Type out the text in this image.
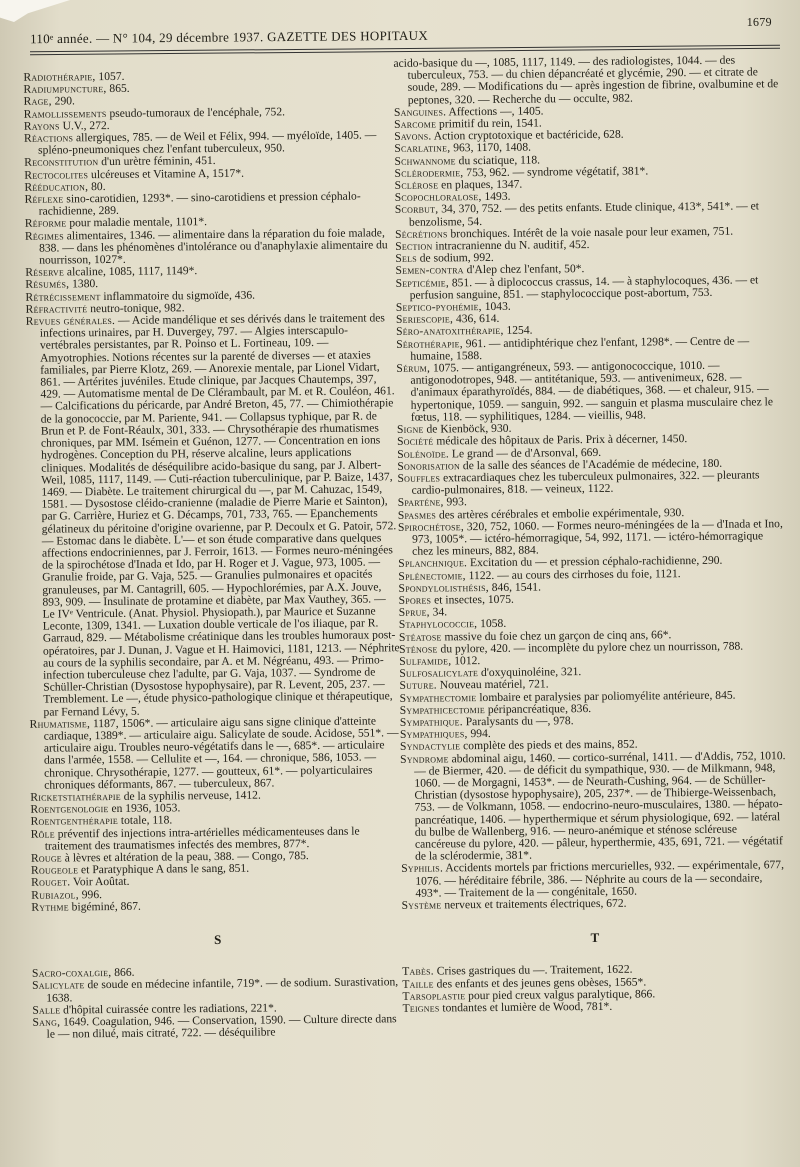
110ᵉ année. — N° 104, 29 décembre 1937. GAZETTE DES HOPITAUX
1679

Radiothérapie, 1057.

Radiumpuncture, 865.

Rage, 290.

Ramollissements pseudo-tumoraux de l'encéphale, 752.

Rayons U.V., 272.

Réactions allergiques, 785. — de Weil et Félix, 994. — myéloïde, 1405. — spléno-pneumoniques chez l'enfant tuberculeux, 950.

Reconstitution d'un urètre féminin, 451.

Rectocolites ulcéreuses et Vitamine A, 1517*.

Rééducation, 80.

Réflexe sino-carotidien, 1293*. — sino-carotidiens et pression céphalo-rachidienne, 289.

Réforme pour maladie mentale, 1101*.

Régimes alimentaires, 1346. — alimentaire dans la réparation du foie malade, 838. — dans les phénomènes d'intolérance ou d'anaphylaxie alimentaire du nourrisson, 1027*.

Réserve alcaline, 1085, 1117, 1149*.

Résumés, 1380.

Rétrécissement inflammatoire du sigmoïde, 436.

Réfractivité neutro-tonique, 982.

Revues générales. — Acide mandélique et ses dérivés dans le traitement des infections urinaires, par H. Duvergey, 797. — Algies interscapulo-vertébrales persistantes, par R. Poinso et L. Fortineau, 109. — Amyotrophies. Notions récentes sur la parenté de diverses — et ataxies familiales, par Pierre Klotz, 269. — Anorexie mentale, par Lionel Vidart, 861. — Artérites juvéniles. Etude clinique, par Jacques Chautemps, 397, 429. — Automatisme mental de De Clérambault, par M. et R. Couléon, 461. — Calcifications du péricarde, par André Breton, 45, 77. — Chimiothérapie de la gonococcie, par M. Pariente, 941. — Collapsus typhique, par R. de Brun et P. de Font-Réaulx, 301, 333. — Chrysothérapie des rhumatismes chroniques, par MM. Isémein et Guénon, 1277. — Concentration en ions hydrogènes. Conception du PH, réserve alcaline, leurs applications cliniques. Modalités de déséquilibre acido-basique du sang, par J. Albert-Weil, 1085, 1117, 1149. — Cuti-réaction tuberculinique, par P. Baize, 1437, 1469. — Diabète. Le traitement chirurgical du —, par M. Cahuzac, 1549, 1581. — Dysostose cléido-cranienne (maladie de Pierre Marie et Sainton), par G. Carrière, Huriez et G. Décamps, 701, 733, 765. — Epanchements gélatineux du péritoine d'origine ovarienne, par P. Decoulx et G. Patoir, 572. — Estomac dans le diabète. L'— et son étude comparative dans quelques affections endocriniennes, par J. Ferroir, 1613. — Formes neuro-méningées de la spirochétose d'Inada et Ido, par H. Roger et J. Vague, 973, 1005. — Granulie froide, par G. Vaja, 525. — Granulies pulmonaires et opacités granuleuses, par M. Cantagrill, 605. — Hypochlorémies, par A.X. Jouve, 893, 909. — Insulinate de protamine et diabète, par Max Vauthey, 365. — Le IVᵉ Ventricule. (Anat. Physiol. Physiopath.), par Maurice et Suzanne Leconte, 1309, 1341. — Luxation double verticale de l'os iliaque, par R. Garraud, 829. — Métabolisme créatinique dans les troubles humoraux post-opératoires, par J. Dunan, J. Vague et H. Haimovici, 1181, 1213. — Néphrite au cours de la syphilis secondaire, par A. et M. Négréanu, 493. — Primo-infection tuberculeuse chez l'adulte, par G. Vaja, 1037. — Syndrome de Schüller-Christian (Dysostose hypophysaire), par R. Levent, 205, 237. — Tremblement. Le —, étude physico-pathologique clinique et thérapeutique, par Fernand Lévy, 5.

Rhumatisme, 1187, 1506*. — articulaire aigu sans signe clinique d'atteinte cardiaque, 1389*. — articulaire aigu. Salicylate de soude. Acidose, 551*. — articulaire aigu. Troubles neuro-végétatifs dans le —, 685*. — articulaire dans l'armée, 1558. — Cellulite et —, 164. — chronique, 586, 1053. — chronique. Chrysothérapie, 1277. — goutteux, 61*. — polyarticulaires chroniques déformants, 867. — tuberculeux, 867.

Ricketstiathérapie de la syphilis nerveuse, 1412.

Roentgenologie en 1936, 1053.

Roentgenthérapie totale, 118.

Rôle préventif des injections intra-artérielles médicamenteuses dans le traitement des traumatismes infectés des membres, 877*.

Rouge à lèvres et altération de la peau, 388. — Congo, 785.

Rougeole et Paratyphique A dans le sang, 851.

Rouget. Voir Aoûtat.

Rubiazol, 996.

Rythme bigéminé, 867.

S

Sacro-coxalgie, 866.

Salicylate de soude en médecine infantile, 719*. — de sodium. Surastivation, 1638.

Salle d'hôpital cuirassée contre les radiations, 221*.

Sang, 1649. Coagulation, 946. — Conservation, 1590. — Culture directe dans le — non dilué, mais citraté, 722. — déséquilibre

acido-basique du —, 1085, 1117, 1149. — des radiologistes, 1044. — des tuberculeux, 753. — du chien dépancréaté et glycémie, 290. — et citrate de soude, 289. — Modifications du — après ingestion de fibrine, ovalbumine et de peptones, 320. — Recherche du — occulte, 982.

Sanguines. Affections —, 1405.

Sarcome primitif du rein, 1541.

Savons. Action cryptotoxique et bactéricide, 628.

Scarlatine, 963, 1170, 1408.

Schwannome du sciatique, 118.

Sclérodermie, 753, 962. — syndrome végétatif, 381*.

Sclérose en plaques, 1347.

Scopochloralose, 1493.

Scorbut, 34, 370, 752. — des petits enfants. Etude clinique, 413*, 541*. — et benzolisme, 54.

Sécrétions bronchiques. Intérêt de la voie nasale pour leur examen, 751.

Section intracranienne du N. auditif, 452.

Sels de sodium, 992.

Semen-contra d'Alep chez l'enfant, 50*.

Septicémie, 851. — à diplococcus crassus, 14. — à staphylocoques, 436. — et perfusion sanguine, 851. — staphylococcique post-abortum, 753.

Septico-pyohémie, 1043.

Seriescopie, 436, 614.

Séro-anatoxithérapie, 1254.

Sérothérapie, 961. — antidiphtérique chez l'enfant, 1298*. — Centre de — humaine, 1588.

Sérum, 1075. — antigangréneux, 593. — antigonococcique, 1010. — antigonodotropes, 948. — antitétanique, 593. — antivenimeux, 628. — d'animaux éparathyroïdés, 884. — de diabétiques, 368. — et chaleur, 915. — hypertonique, 1059. — sanguin, 992. — sanguin et plasma musculaire chez le fœtus, 118. — syphilitiques, 1284. — vieillis, 948.

Signe de Kienböck, 930.

Société médicale des hôpitaux de Paris. Prix à décerner, 1450.

Solénoïde. Le grand — de d'Arsonval, 669.

Sonorisation de la salle des séances de l'Académie de médecine, 180.

Souffles extracardiaques chez les tuberculeux pulmonaires, 322. — pleurants cardio-pulmonaires, 818. — veineux, 1122.

Sparténe, 993.

Spasmes des artères cérébrales et embolie expérimentale, 930.

Spirochétose, 320, 752, 1060. — Formes neuro-méningées de la — d'Inada et Ino, 973, 1005*. — ictéro-hémorragique, 54, 992, 1171. — ictéro-hémorragique chez les mineurs, 882, 884.

Splanchnique. Excitation du — et pression céphalo-rachidienne, 290.

Splénectomie, 1122. — au cours des cirrhoses du foie, 1121.

Spondylolisthésis, 846, 1541.

Spores et insectes, 1075.

Sprue, 34.

Staphylococcie, 1058.

Stéatose massive du foie chez un garçon de cinq ans, 66*.

Sténose du pylore, 420. — incomplète du pylore chez un nourrisson, 788.

Sulfamide, 1012.

Sulfosalicylate d'oxyquinoléine, 321.

Suture. Nouveau matériel, 721.

Sympathectomie lombaire et paralysies par poliomyélite antérieure, 845.

Sympathicectomie péripancréatique, 836.

Sympathique. Paralysants du —, 978.

Sympathiques, 994.

Syndactylie complète des pieds et des mains, 852.

Syndrome abdominal aigu, 1460. — cortico-surrénal, 1411. — d'Addis, 752, 1010. — de Biermer, 420. — de déficit du sympathique, 930. — de Milkmann, 948, 1060. — de Morgagni, 1453*. — de Neurath-Cushing, 964. — de Schüller-Christian (dysostose hypophysaire), 205, 237*. — de Thibierge-Weissenbach, 753. — de Volkmann, 1058. — endocrino-neuro-musculaires, 1380. — hépato-pancréatique, 1406. — hyperthermique et sérum physiologique, 692. — latéral du bulbe de Wallenberg, 916. — neuro-anémique et sténose scléreuse cancéreuse du pylore, 420. — pâleur, hyperthermie, 435, 691, 721. — végétatif de la sclérodermie, 381*.

Syphilis. Accidents mortels par frictions mercurielles, 932. — expérimentale, 677, 1076. — héréditaire fébrile, 386. — Néphrite au cours de la — secondaire, 493*. — Traitement de la — congénitale, 1650.

Système nerveux et traitements électriques, 672.

T

Tabès. Crises gastriques du —. Traitement, 1622.

Taille des enfants et des jeunes gens obèses, 1565*.

Tarsoplastie pour pied creux valgus paralytique, 866.

Teignes tondantes et lumière de Wood, 781*.
